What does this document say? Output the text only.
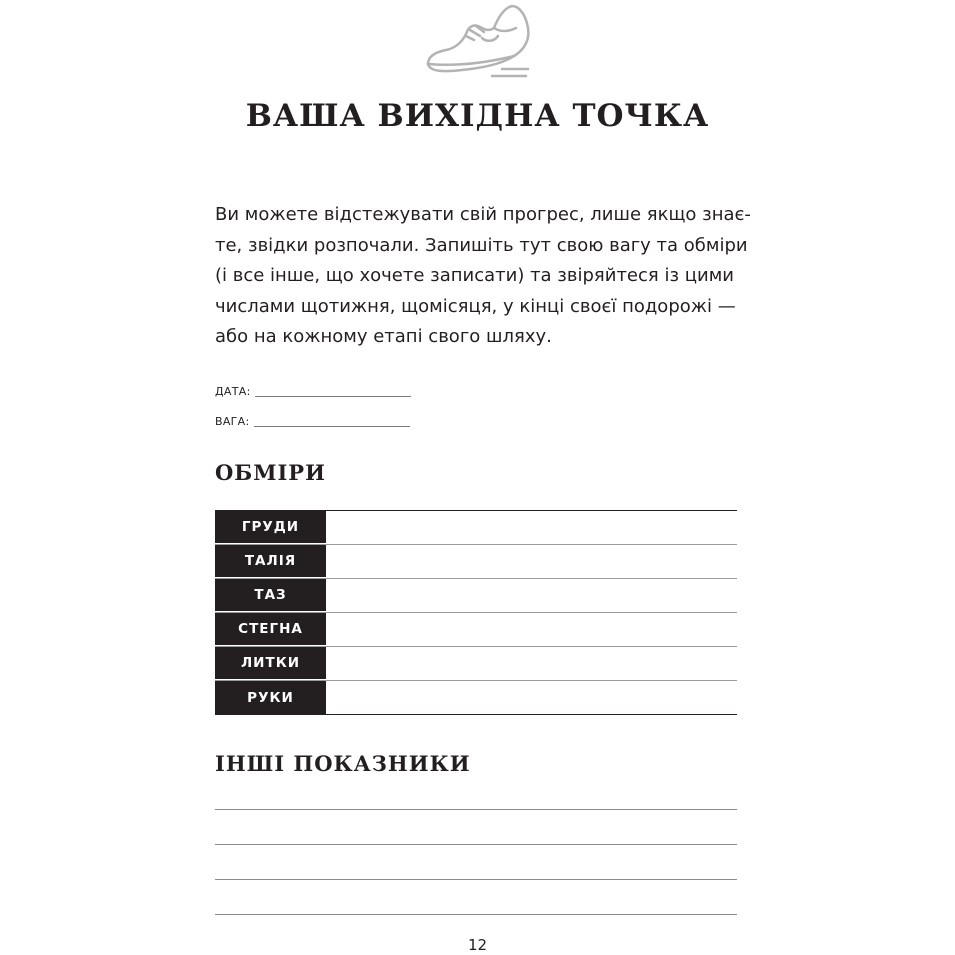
ВАША ВИХІДНА ТОЧКА

Ви можете відстежувати свій прогрес, лише якщо знає-
те, звідки розпочали. Запишіть тут свою вагу та обміри
(і все інше, що хочете записати) та звіряйтеся із цими
числами щотижня, щомісяця, у кінці своєї подорожі —
або на кожному етапі свого шляху.

ДАТА:
ВАГА:
ОБМІРИ
ГРУДИ
ТАЛІЯ
ТАЗ
СТЕГНА
ЛИТКИ
РУКИ
ІНШІ ПОКАЗНИКИ
12
